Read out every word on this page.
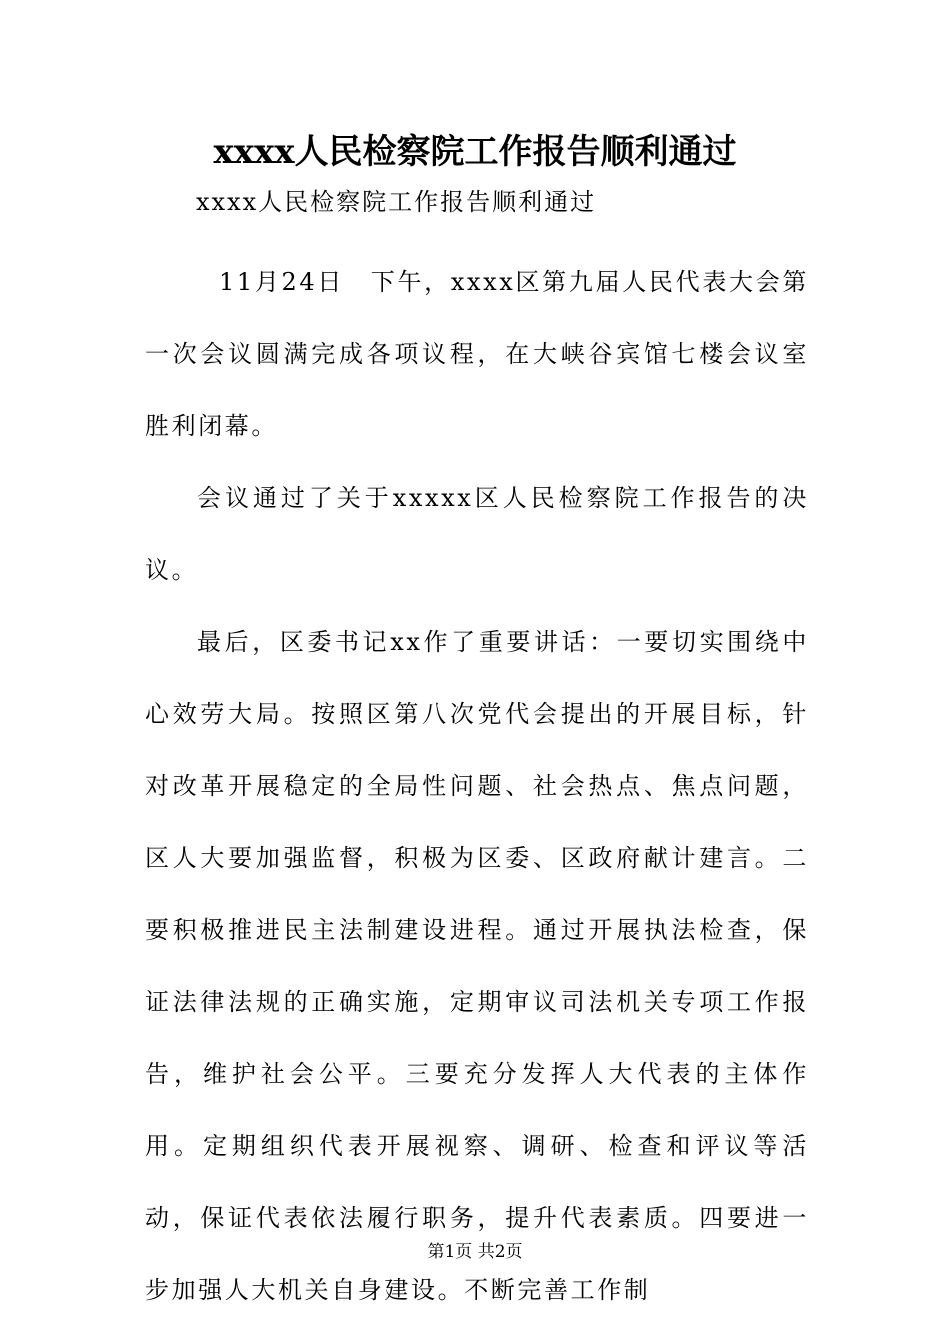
xxxx人民检察院工作报告顺利通过
xxxx人民检察院工作报告顺利通过

11月24日　下午，xxxx区第九届人民代表大会第一次会议圆满完成各项议程，在大峡谷宾馆七楼会议室胜利闭幕。

会议通过了关于xxxxx区人民检察院工作报告的决议。

最后，区委书记xx作了重要讲话：一要切实围绕中心效劳大局。按照区第八次党代会提出的开展目标，针对改革开展稳定的全局性问题、社会热点、焦点问题，区人大要加强监督，积极为区委、区政府献计建言。二要积极推进民主法制建设进程。通过开展执法检查，保证法律法规的正确实施，定期审议司法机关专项工作报告，维护社会公平。三要充分发挥人大代表的主体作用。定期组织代表开展视察、调研、检查和评议等活动，保证代表依法履行职务，提升代表素质。四要进一步加强人大机关自身建设。不断完善工作制

第1页 共2页
